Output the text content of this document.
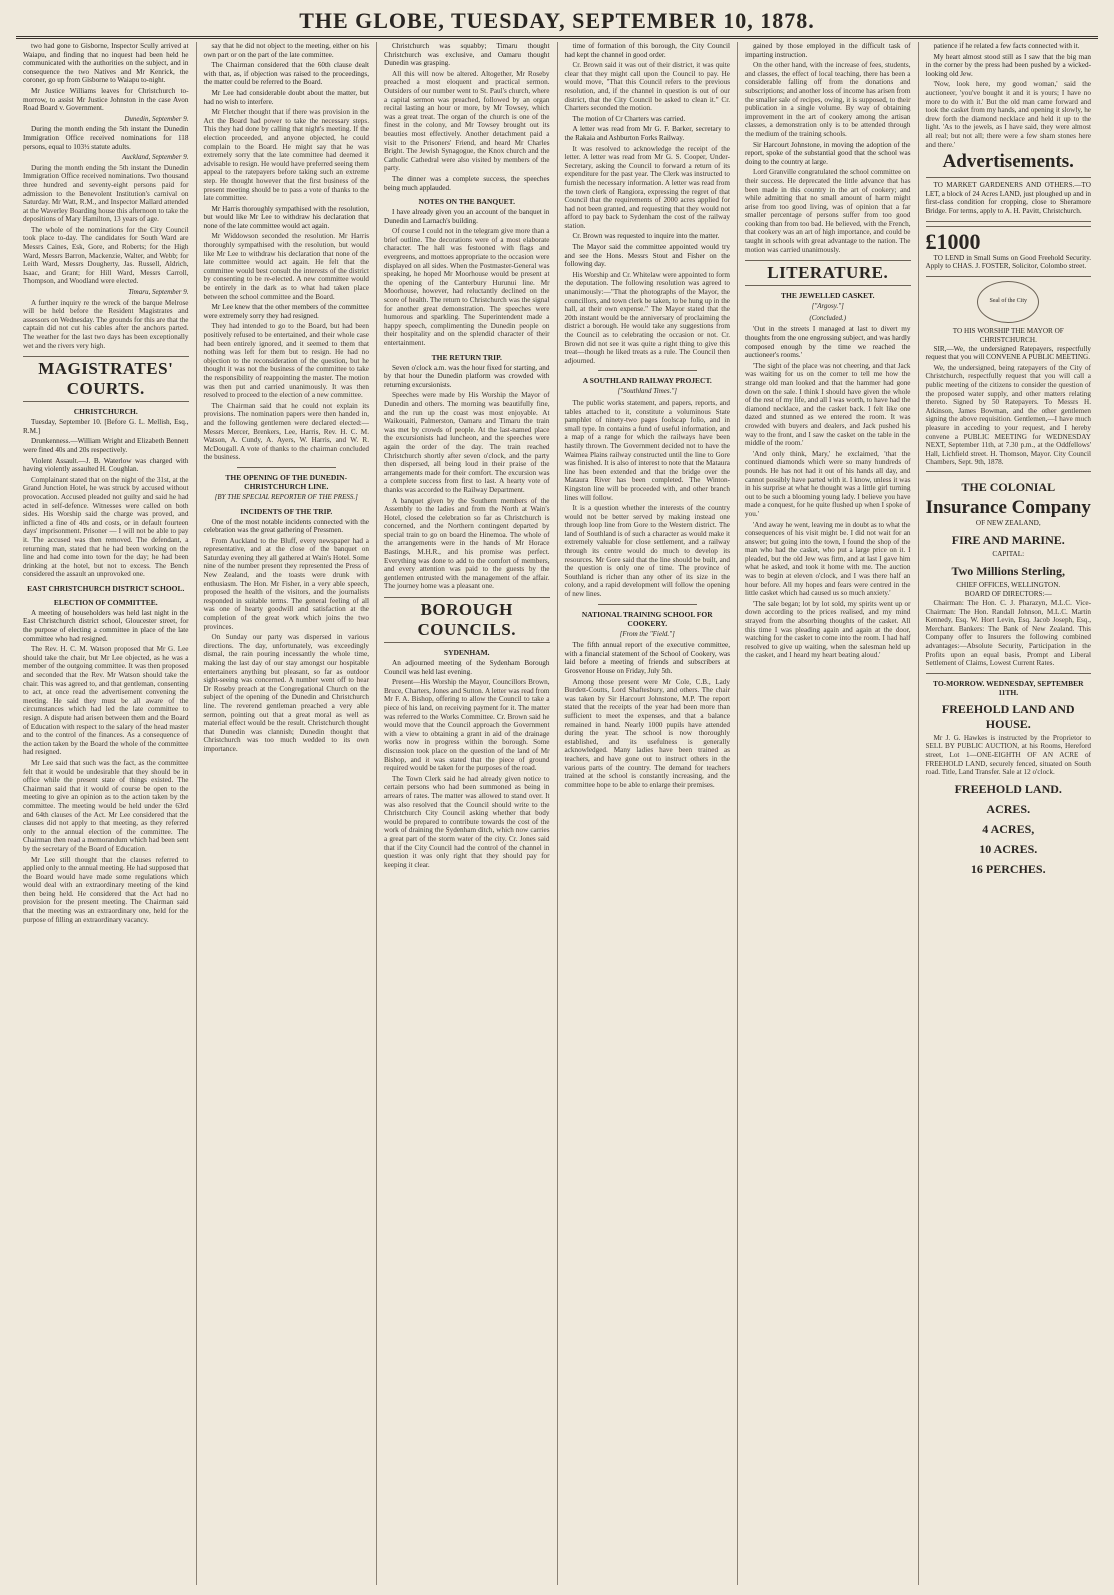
THE GLOBE, TUESDAY, SEPTEMBER 10, 1878.

two had gone to Gisborne, Inspector Scully arrived at Waiapu, and finding that no inquest had been held he communicated with the authorities on the subject, and in consequence the two Natives and Mr Kenrick, the coroner, go up from Gisborne to Waiapu to-night.

Mr Justice Williams leaves for Christchurch to-morrow, to assist Mr Justice Johnston in the case Avon Road Board v. Government.

Dunedin, September 9.

During the month ending the 5th instant the Dunedin Immigration Office received nominations for 118 persons, equal to 103½ statute adults.

Auckland, September 9.

During the month ending the 5th instant the Dunedin Immigration Office received nominations. Two thousand three hundred and seventy-eight persons paid for admission to the Benevolent Institution's carnival on Saturday. Mr Watt, R.M., and Inspector Mallard attended at the Waverley Boarding house this afternoon to take the depositions of Mary Hamilton, 13 years of age.

The whole of the nominations for the City Council took place to-day. The candidates for South Ward are Messrs Caines, Esk, Gore, and Roberts; for the High Ward, Messrs Barron, Mackenzie, Walter, and Webb; for Leith Ward, Messrs Dougherty, Jas. Russell, Aldrich, Isaac, and Grant; for Hill Ward, Messrs Carroll, Thompson, and Woodland were elected.

Timaru, September 9.

A further inquiry re the wreck of the barque Melrose will be held before the Resident Magistrates and assessors on Wednesday. The grounds for this are that the captain did not cut his cables after the anchors parted. The weather for the last two days has been exceptionally wet and the rivers very high.

MAGISTRATES' COURTS.
CHRISTCHURCH.

Tuesday, September 10. [Before G. L. Mellish, Esq., R.M.]

Drunkenness.—William Wright and Elizabeth Bennett were fined 40s and 20s respectively.

Violent Assault.—J. B. Waterlow was charged with having violently assaulted H. Coughlan.

Complainant stated that on the night of the 31st, at the Grand Junction Hotel, he was struck by accused without provocation. Accused pleaded not guilty and said he had acted in self-defence. Witnesses were called on both sides. His Worship said the charge was proved, and inflicted a fine of 40s and costs, or in default fourteen days' imprisonment. Prisoner — I will not be able to pay it. The accused was then removed. The defendant, a returning man, stated that he had been working on the line and had come into town for the day; he had been drinking at the hotel, but not to excess. The Bench considered the assault an unprovoked one.

EAST CHRISTCHURCH DISTRICT SCHOOL.
ELECTION OF COMMITTEE.

A meeting of householders was held last night in the East Christchurch district school, Gloucester street, for the purpose of electing a committee in place of the late committee who had resigned.

The Rev. H. C. M. Watson proposed that Mr G. Lee should take the chair, but Mr Lee objected, as he was a member of the outgoing committee. It was then proposed and seconded that the Rev. Mr Watson should take the chair. This was agreed to, and that gentleman, consenting to act, at once read the advertisement convening the meeting. He said they must be all aware of the circumstances which had led the late committee to resign. A dispute had arisen between them and the Board of Education with respect to the salary of the head master and to the control of the finances. As a consequence of the action taken by the Board the whole of the committee had resigned.

Mr Lee said that such was the fact, as the committee felt that it would be undesirable that they should be in office while the present state of things existed. The Chairman said that it would of course be open to the meeting to give an opinion as to the action taken by the committee. The meeting would be held under the 63rd and 64th clauses of the Act. Mr Lee considered that the clauses did not apply to that meeting, as they referred only to the annual election of the committee. The Chairman then read a memorandum which had been sent by the secretary of the Board of Education.

Mr Lee still thought that the clauses referred to applied only to the annual meeting. He had supposed that the Board would have made some regulations which would deal with an extraordinary meeting of the kind then being held. He considered that the Act had no provision for the present meeting. The Chairman said that the meeting was an extraordinary one, held for the purpose of filling an extraordinary vacancy.

say that he did not object to the meeting, either on his own part or on the part of the late committee.

The Chairman considered that the 60th clause dealt with that, as, if objection was raised to the proceedings, the matter could be referred to the Board.

Mr Lee had considerable doubt about the matter, but had no wish to interfere.

Mr Fletcher thought that if there was provision in the Act the Board had power to take the necessary steps. This they had done by calling that night's meeting. If the election proceeded, and anyone objected, he could complain to the Board. He might say that he was extremely sorry that the late committee had deemed it advisable to resign. He would have preferred seeing them appeal to the ratepayers before taking such an extreme step. He thought however that the first business of the present meeting should be to pass a vote of thanks to the late committee.

Mr Harris thoroughly sympathised with the resolution, but would like Mr Lee to withdraw his declaration that none of the late committee would act again.

Mr Widdowson seconded the resolution. Mr Harris thoroughly sympathised with the resolution, but would like Mr Lee to withdraw his declaration that none of the late committee would act again. He felt that the committee would best consult the interests of the district by consenting to be re-elected. A new committee would be entirely in the dark as to what had taken place between the school committee and the Board.

Mr Lee knew that the other members of the committee were extremely sorry they had resigned.

They had intended to go to the Board, but had been positively refused to be entertained, and their whole case had been entirely ignored, and it seemed to them that nothing was left for them but to resign. He had no objection to the reconsideration of the question, but he thought it was not the business of the committee to take the responsibility of reappointing the master. The motion was then put and carried unanimously. It was then resolved to proceed to the election of a new committee.

The Chairman said that he could not explain its provisions. The nomination papers were then handed in, and the following gentlemen were declared elected:—Messrs Mercer, Brenkers, Lee, Harris, Rev. H. C. M. Watson, A. Cundy, A. Ayers, W. Harris, and W. R. McDougall. A vote of thanks to the chairman concluded the business.

THE OPENING OF THE DUNEDIN-CHRISTCHURCH LINE.
[BY THE SPECIAL REPORTER OF THE PRESS.]
INCIDENTS OF THE TRIP.

One of the most notable incidents connected with the celebration was the great gathering of Pressmen.

From Auckland to the Bluff, every newspaper had a representative, and at the close of the banquet on Saturday evening they all gathered at Wain's Hotel. Some nine of the number present they represented the Press of New Zealand, and the toasts were drunk with enthusiasm. The Hon. Mr Fisher, in a very able speech, proposed the health of the visitors, and the journalists responded in suitable terms. The general feeling of all was one of hearty goodwill and satisfaction at the completion of the great work which joins the two provinces.

On Sunday our party was dispersed in various directions. The day, unfortunately, was exceedingly dismal, the rain pouring incessantly the whole time, making the last day of our stay amongst our hospitable entertainers anything but pleasant, so far as outdoor sight-seeing was concerned. A number went off to hear Dr Roseby preach at the Congregational Church on the subject of the opening of the Dunedin and Christchurch line. The reverend gentleman preached a very able sermon, pointing out that a great moral as well as material effect would be the result. Christchurch thought that Dunedin was clannish; Dunedin thought that Christchurch was too much wedded to its own importance.

Christchurch was squabby; Timaru thought Christchurch was exclusive, and Oamaru thought Dunedin was grasping.

All this will now be altered. Altogether, Mr Roseby preached a most eloquent and practical sermon. Outsiders of our number went to St. Paul's church, where a capital sermon was preached, followed by an organ recital lasting an hour or more, by Mr Towsey, which was a great treat. The organ of the church is one of the finest in the colony, and Mr Towsey brought out its beauties most effectively. Another detachment paid a visit to the Prisoners' Friend, and heard Mr Charles Bright. The Jewish Synagogue, the Knox church and the Catholic Cathedral were also visited by members of the party.

The dinner was a complete success, the speeches being much applauded.

NOTES ON THE BANQUET.

I have already given you an account of the banquet in Dunedin and Larnach's building.

Of course I could not in the telegram give more than a brief outline. The decorations were of a most elaborate character. The hall was festooned with flags and evergreens, and mottoes appropriate to the occasion were displayed on all sides. When the Postmaster-General was speaking, he hoped Mr Moorhouse would be present at the opening of the Canterbury Hurunui line. Mr Moorhouse, however, had reluctantly declined on the score of health. The return to Christchurch was the signal for another great demonstration. The speeches were humorous and sparkling. The Superintendent made a happy speech, complimenting the Dunedin people on their hospitality and on the splendid character of their entertainment.

THE RETURN TRIP.

Seven o'clock a.m. was the hour fixed for starting, and by that hour the Dunedin platform was crowded with returning excursionists.

Speeches were made by His Worship the Mayor of Dunedin and others. The morning was beautifully fine, and the run up the coast was most enjoyable. At Waikouaiti, Palmerston, Oamaru and Timaru the train was met by crowds of people. At the last-named place the excursionists had luncheon, and the speeches were again the order of the day. The train reached Christchurch shortly after seven o'clock, and the party then dispersed, all being loud in their praise of the arrangements made for their comfort. The excursion was a complete success from first to last. A hearty vote of thanks was accorded to the Railway Department.

A banquet given by the Southern members of the Assembly to the ladies and from the North at Wain's Hotel, closed the celebration so far as Christchurch is concerned, and the Northern contingent departed by special train to go on board the Hinemoa. The whole of the arrangements were in the hands of Mr Horace Bastings, M.H.R., and his promise was perfect. Everything was done to add to the comfort of members, and every attention was paid to the guests by the gentlemen entrusted with the management of the affair. The journey home was a pleasant one.

BOROUGH COUNCILS.
SYDENHAM.

An adjourned meeting of the Sydenham Borough Council was held last evening.

Present—His Worship the Mayor, Councillors Brown, Bruce, Charters, Jones and Sutton. A letter was read from Mr F. A. Bishop, offering to allow the Council to take a piece of his land, on receiving payment for it. The matter was referred to the Works Committee. Cr. Brown said he would move that the Council approach the Government with a view to obtaining a grant in aid of the drainage works now in progress within the borough. Some discussion took place on the question of the land of Mr Bishop, and it was stated that the piece of ground required would be taken for the purposes of the road.

The Town Clerk said he had already given notice to certain persons who had been summoned as being in arrears of rates. The matter was allowed to stand over. It was also resolved that the Council should write to the Christchurch City Council asking whether that body would be prepared to contribute towards the cost of the work of draining the Sydenham ditch, which now carries a great part of the storm water of the city. Cr. Jones said that if the City Council had the control of the channel in question it was only right that they should pay for keeping it clear.

time of formation of this borough, the City Council had kept the channel in good order.

Cr. Brown said it was out of their district, it was quite clear that they might call upon the Council to pay. He would move, "That this Council refers to the previous resolution, and, if the channel in question is out of our district, that the City Council be asked to clean it." Cr. Charters seconded the motion.

The motion of Cr Charters was carried.

A letter was read from Mr G. F. Barker, secretary to the Rakaia and Ashburton Forks Railway.

It was resolved to acknowledge the receipt of the letter. A letter was read from Mr G. S. Cooper, Under-Secretary, asking the Council to forward a return of its expenditure for the past year. The Clerk was instructed to furnish the necessary information. A letter was read from the town clerk of Rangiora, expressing the regret of that Council that the requirements of 2000 acres applied for had not been granted, and requesting that they would not afford to pay back to Sydenham the cost of the railway station.

Cr. Brown was requested to inquire into the matter.

The Mayor said the committee appointed would try and see the Hons. Messrs Stout and Fisher on the following day.

His Worship and Cr. Whitelaw were appointed to form the deputation. The following resolution was agreed to unanimously:—"That the photographs of the Mayor, the councillors, and town clerk be taken, to be hung up in the hall, at their own expense." The Mayor stated that the 20th instant would be the anniversary of proclaiming the district a borough. He would take any suggestions from the Council as to celebrating the occasion or not. Cr. Brown did not see it was quite a right thing to give this treat—though he liked treats as a rule. The Council then adjourned.

A SOUTHLAND RAILWAY PROJECT.
["Southland Times."]

The public works statement, and papers, reports, and tables attached to it, constitute a voluminous State pamphlet of ninety-two pages foolscap folio, and in small type. In contains a fund of useful information, and a map of a range for which the railways have been hastily thrown. The Government decided not to have the Waimea Plains railway constructed until the line to Gore was finished. It is also of interest to note that the Mataura line has been extended and that the bridge over the Mataura River has been completed. The Winton-Kingston line will be proceeded with, and other branch lines will follow.

It is a question whether the interests of the country would not be better served by making instead one through loop line from Gore to the Western district. The land of Southland is of such a character as would make it extremely valuable for close settlement, and a railway through its centre would do much to develop its resources. Mr Gore said that the line should be built, and the question is only one of time. The province of Southland is richer than any other of its size in the colony, and a rapid development will follow the opening of new lines.

NATIONAL TRAINING SCHOOL FOR COOKERY.
[From the "Field."]

The fifth annual report of the executive committee, with a financial statement of the School of Cookery, was laid before a meeting of friends and subscribers at Grosvenor House on Friday, July 5th.

Among those present were Mr Cole, C.B., Lady Burdett-Coutts, Lord Shaftesbury, and others. The chair was taken by Sir Harcourt Johnstone, M.P. The report stated that the receipts of the year had been more than sufficient to meet the expenses, and that a balance remained in hand. Nearly 1000 pupils have attended during the year. The school is now thoroughly established, and its usefulness is generally acknowledged. Many ladies have been trained as teachers, and have gone out to instruct others in the various parts of the country. The demand for teachers trained at the school is constantly increasing, and the committee hope to be able to enlarge their premises.

gained by those employed in the difficult task of imparting instruction.

On the other hand, with the increase of fees, students, and classes, the effect of local teaching, there has been a considerable falling off from the donations and subscriptions; and another loss of income has arisen from the smaller sale of recipes, owing, it is supposed, to their publication in a single volume. By way of obtaining improvement in the art of cookery among the artisan classes, a demonstration only is to be attended through the medium of the training schools.

Sir Harcourt Johnstone, in moving the adoption of the report, spoke of the substantial good that the school was doing to the country at large.

Lord Granville congratulated the school committee on their success. He deprecated the little advance that has been made in this country in the art of cookery; and while admitting that no small amount of harm might arise from too good living, was of opinion that a far smaller percentage of persons suffer from too good cooking than from too bad. He believed, with the French, that cookery was an art of high importance, and could be taught in schools with great advantage to the nation. The motion was carried unanimously.

LITERATURE.
THE JEWELLED CASKET.
["Argosy."]
(Concluded.)

'Out in the streets I managed at last to divert my thoughts from the one engrossing subject, and was hardly composed enough by the time we reached the auctioneer's rooms.'

'The sight of the place was not cheering, and that Jack was waiting for us on the corner to tell me how the strange old man looked and that the hammer had gone down on the sale. I think I should have given the whole of the rest of my life, and all I was worth, to have had the diamond necklace, and the casket back. I felt like one dazed and stunned as we entered the room. It was crowded with buyers and dealers, and Jack pushed his way to the front, and I saw the casket on the table in the middle of the room.'

'And only think, Mary,' he exclaimed, 'that the continued diamonds which were so many hundreds of pounds. He has not had it out of his hands all day, and cannot possibly have parted with it. I know, unless it was in his surprise at what he thought was a little girl turning out to be such a blooming young lady. I believe you have made a conquest, for he quite flushed up when I spoke of you.'

'And away he went, leaving me in doubt as to what the consequences of his visit might be. I did not wait for an answer; but going into the town, I found the shop of the man who had the casket, who put a large price on it. I pleaded, but the old Jew was firm, and at last I gave him what he asked, and took it home with me. The auction was to begin at eleven o'clock, and I was there half an hour before. All my hopes and fears were centred in the little casket which had caused us so much anxiety.'

'The sale began; lot by lot sold, my spirits went up or down according to the prices realised, and my mind strayed from the absorbing thoughts of the casket. All this time I was pleading again and again at the door, watching for the casket to come into the room. I had half resolved to give up waiting, when the salesman held up the casket, and I heard my heart beating aloud.'

patience if he related a few facts connected with it.

My heart almost stood still as I saw that the big man in the corner by the press had been pushed by a wicked-looking old Jew.

'Now, look here, my good woman,' said the auctioneer, 'you've bought it and it is yours; I have no more to do with it.' But the old man came forward and took the casket from my hands, and opening it slowly, he drew forth the diamond necklace and held it up to the light. 'As to the jewels, as I have said, they were almost all real; but not all; there were a few sham stones here and there.'

Advertisements.

TO MARKET GARDENERS AND OTHERS.—TO LET, a block of 24 Acres LAND, just ploughed up and in first-class condition for cropping, close to Sheramore Bridge. For terms, apply to A. H. Pavitt, Christchurch.

£1000

TO LEND in Small Sums on Good Freehold Security. Apply to CHAS. J. FOSTER, Solicitor, Colombo street.

Seal of the City
TO HIS WORSHIP THE MAYOR OF CHRISTCHURCH.

SIR,—We, the undersigned Ratepayers, respectfully request that you will CONVENE A PUBLIC MEETING.

We, the undersigned, being ratepayers of the City of Christchurch, respectfully request that you will call a public meeting of the citizens to consider the question of the proposed water supply, and other matters relating thereto. Signed by 50 Ratepayers. To Messrs H. Atkinson, James Bowman, and the other gentlemen signing the above requisition. Gentlemen,—I have much pleasure in acceding to your request, and I hereby convene a PUBLIC MEETING for WEDNESDAY NEXT, September 11th, at 7.30 p.m., at the Oddfellows' Hall, Lichfield street. H. Thomson, Mayor. City Council Chambers, Sept. 9th, 1878.

THE COLONIAL
Insurance Company
OF NEW ZEALAND,
FIRE AND MARINE.
CAPITAL:
Two Millions Sterling,
CHIEF OFFICES, WELLINGTON.
BOARD OF DIRECTORS:—

Chairman: The Hon. C. J. Pharazyn, M.L.C. Vice-Chairman: The Hon. Randall Johnson, M.L.C. Martin Kennedy, Esq. W. Hort Levin, Esq. Jacob Joseph, Esq., Merchant. Bankers: The Bank of New Zealand. This Company offer to Insurers the following combined advantages:—Absolute Security, Participation in the Profits upon an equal basis, Prompt and Liberal Settlement of Claims, Lowest Current Rates.

TO-MORROW. WEDNESDAY, SEPTEMBER 11TH.
FREEHOLD LAND AND HOUSE.

Mr J. G. Hawkes is instructed by the Proprietor to SELL BY PUBLIC AUCTION, at his Rooms, Hereford street, Lot 1—ONE-EIGHTH OF AN ACRE of FREEHOLD LAND, securely fenced, situated on South road. Title, Land Transfer. Sale at 12 o'clock.

FREEHOLD LAND.
ACRES.
4 ACRES,
10 ACRES.
16 PERCHES.
